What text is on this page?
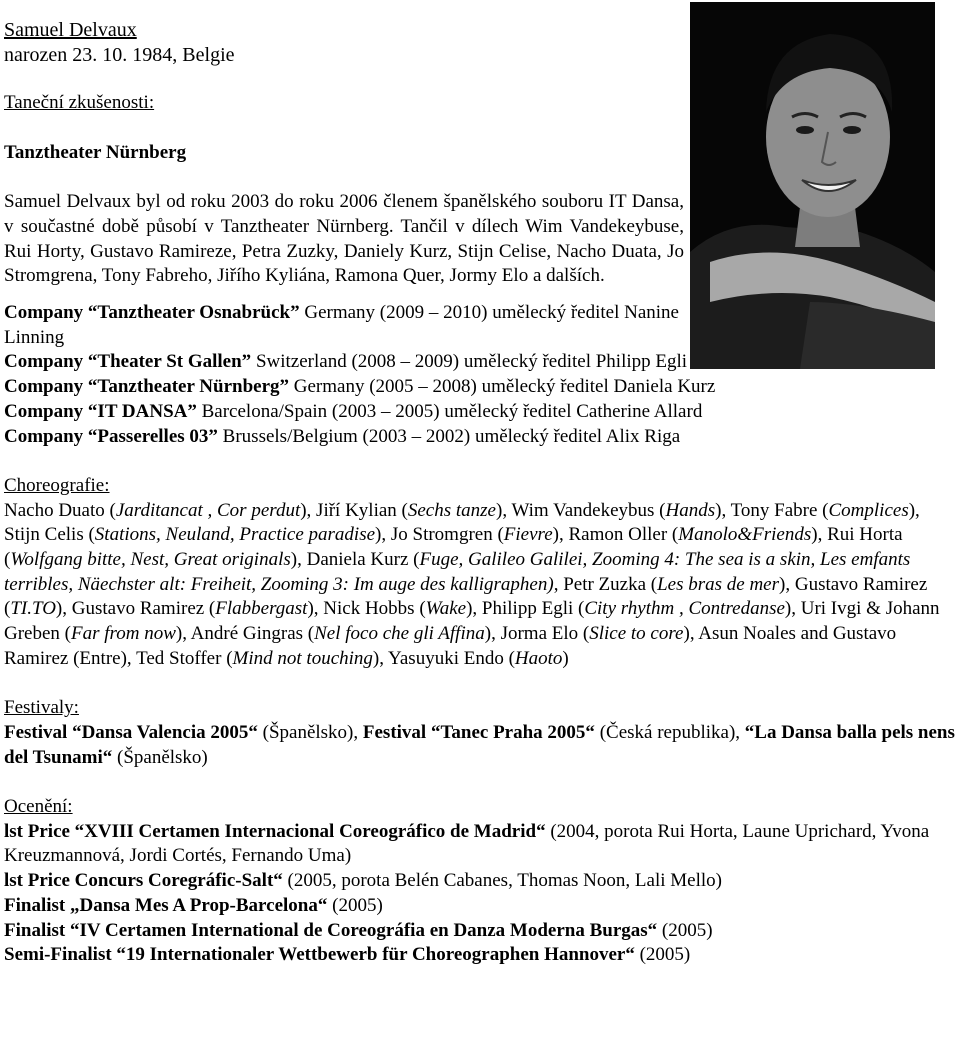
Samuel Delvaux

narozen 23. 10. 1984, Belgie

Taneční zkušenosti:

Tanztheater Nürnberg

Samuel Delvaux byl od roku 2003 do roku 2006 členem španělského souboru IT Dansa, v součastné době působí v Tanztheater Nürnberg. Tančil v dílech Wim Vandekeybuse, Rui Horty, Gustavo Ramireze, Petra Zuzky, Daniely Kurz, Stijn Celise, Nacho Duata, Jo Stromgrena, Tony Fabreho, Jiřího Kyliána, Ramona Quer, Jormy Elo a dalších.

Company “Tanztheater Osnabrück” Germany (2009 – 2010) umělecký ředitel Nanine Linning

Company “Theater St Gallen” Switzerland (2008 – 2009) umělecký ředitel Philipp Egli

Company “Tanztheater Nürnberg” Germany (2005 – 2008) umělecký ředitel Daniela Kurz

Company “IT DANSA” Barcelona/Spain (2003 – 2005) umělecký ředitel Catherine Allard

Company “Passerelles 03” Brussels/Belgium (2003 – 2002) umělecký ředitel Alix Riga

Choreografie:

Nacho Duato (Jarditancat , Cor perdut), Jiří Kylian (Sechs tanze), Wim Vandekeybus (Hands), Tony Fabre (Complices), Stijn Celis (Stations, Neuland, Practice paradise), Jo Stromgren (Fievre), Ramon Oller (Manolo&Friends), Rui Horta (Wolfgang bitte, Nest, Great originals), Daniela Kurz (Fuge, Galileo Galilei, Zooming 4: The sea is a skin, Les emfants terribles, Näechster alt: Freiheit, Zooming 3: Im auge des kalligraphen), Petr Zuzka (Les bras de mer), Gustavo Ramirez (TI.TO), Gustavo Ramirez (Flabbergast), Nick Hobbs (Wake), Philipp Egli (City rhythm , Contredanse), Uri Ivgi & Johann Greben (Far from now), André Gingras (Nel foco che gli Affina), Jorma Elo (Slice to core), Asun Noales and Gustavo Ramirez (Entre), Ted Stoffer (Mind not touching), Yasuyuki Endo (Haoto)

Festivaly:

Festival “Dansa Valencia 2005“ (Španělsko), Festival “Tanec Praha 2005“ (Česká republika), “La Dansa balla pels nens del Tsunami“ (Španělsko)

Ocenění:

lst Price “XVIII Certamen Internacional Coreográfico de Madrid“ (2004, porota Rui Horta, Laune Uprichard, Yvona Kreuzmannová, Jordi Cortés, Fernando Uma)

lst Price Concurs Coregráfic-Salt“ (2005, porota Belén Cabanes, Thomas Noon, Lali Mello)

Finalist „Dansa Mes A Prop-Barcelona“ (2005)

Finalist “IV Certamen International de Coreográfia en Danza Moderna Burgas“ (2005)

Semi-Finalist “19 Internationaler Wettbewerb für Choreographen Hannover“ (2005)
